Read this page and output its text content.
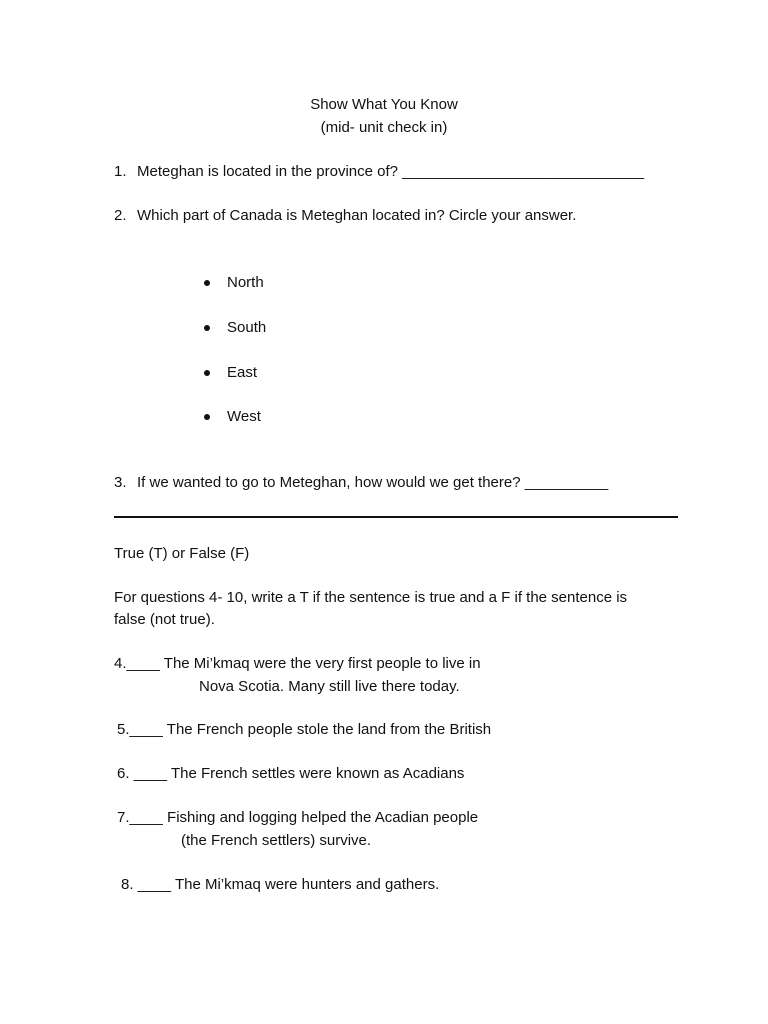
Show What You Know
(mid- unit check in)
1. Meteghan is located in the province of? _____________________________
2. Which part of Canada is Meteghan located in? Circle your answer.
North
South
East
West
3. If we wanted to go to Meteghan, how would we get there? __________
True (T) or False (F)
For questions 4- 10, write a T if the sentence is true and a F if the sentence is
false (not true).
4.____ The Mi’kmaq were the very first people to live in
Nova Scotia. Many still live there today.
5.____ The French people stole the land from the British
6. ____ The French settles were known as Acadians
7.____ Fishing and logging helped the Acadian people
(the French settlers) survive.
8. ____ The Mi’kmaq were hunters and gathers.
